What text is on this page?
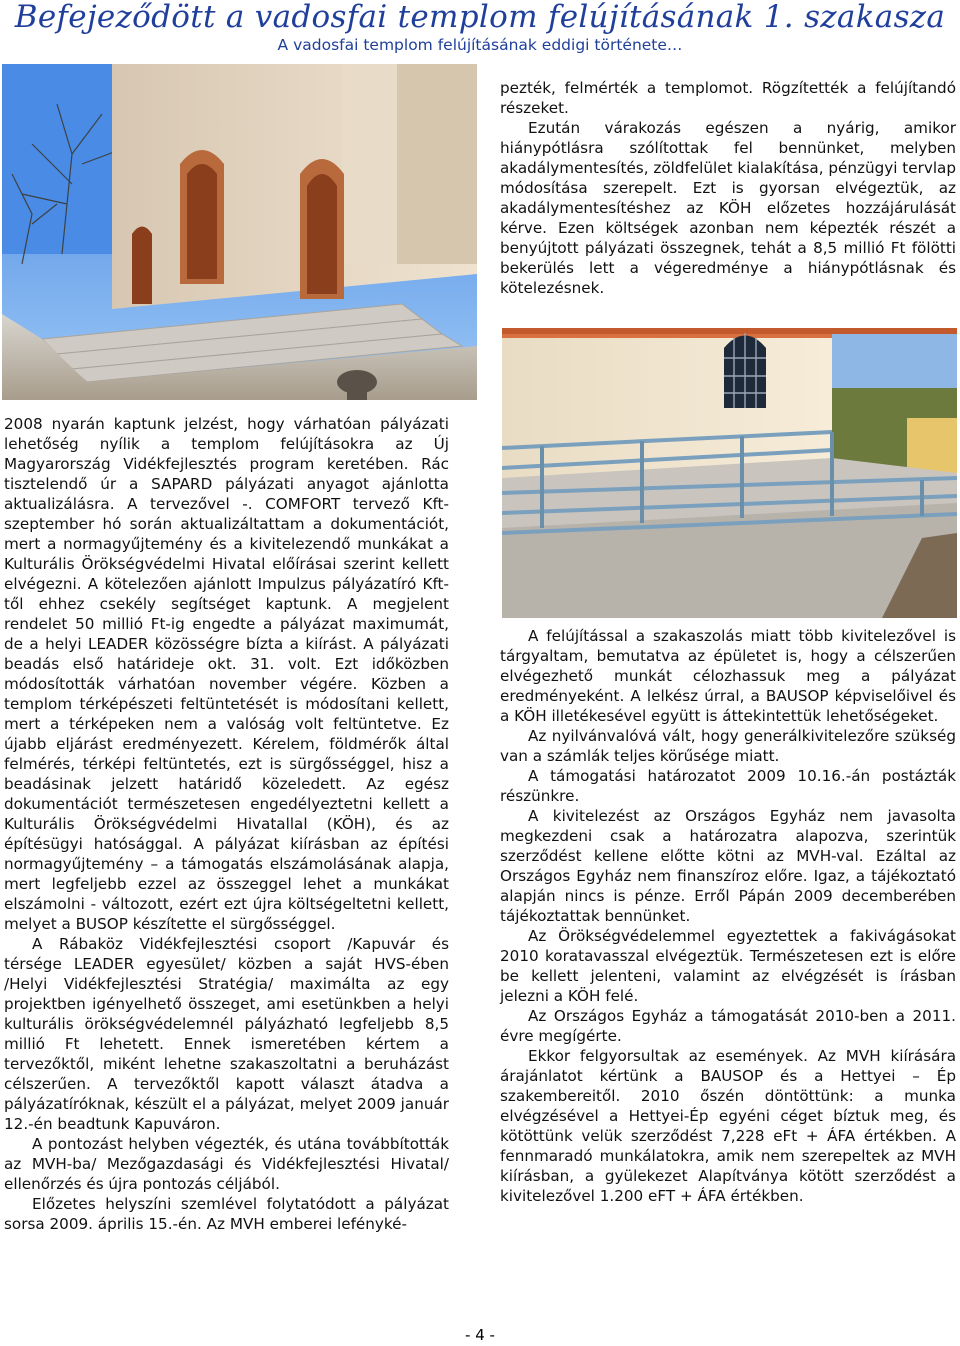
Befejeződött a vadosfai templom felújításának 1. szakasza
A vadosfai templom felújításának eddigi története…

pezték, felmérték a templomot. Rögzítették a felújítandó részeket.

Ezután várakozás egészen a nyárig, amikor hiánypótlásra szólítottak fel bennünket, melyben akadálymentesítés, zöldfelület kialakítása, pénzügyi tervlap módosítása szerepelt. Ezt is gyorsan elvégeztük, az akadálymentesítéshez az KÖH előzetes hozzájárulását kérve. Ezen költségek azonban nem képezték részét a benyújtott pályázati összegnek, tehát a 8,5 millió Ft fölötti bekerülés lett a végeredménye a hiánypótlásnak és kötelezésnek.

2008 nyarán kaptunk jelzést, hogy várhatóan pályázati lehetőség nyílik a templom felújításokra az Új Magyarország Vidékfejlesztés program keretében. Rác tisztelendő úr a SAPARD pályázati anyagot ajánlotta aktualizálásra. A tervezővel -. COMFORT tervező Kft- szeptember hó során aktualizáltattam a dokumentációt, mert a normagyűjtemény és a kivitelezendő munkákat a Kulturális Örökségvédelmi Hivatal előírásai szerint kellett elvégezni. A kötelezően ajánlott Impulzus pályázatíró Kft-től ehhez csekély segítséget kaptunk. A megjelent rendelet 50 millió Ft-ig engedte a pályázat maximumát, de a helyi LEADER közösségre bízta a kiírást. A pályázati beadás első határideje okt. 31. volt. Ezt időközben módosították várhatóan november végére. Közben a templom térképészeti feltüntetését is módosítani kellett, mert a térképeken nem a valóság volt feltüntetve. Ez újabb eljárást eredményezett. Kérelem, földmérők által felmérés, térképi feltüntetés, ezt is sürgősséggel, hisz a beadásinak jelzett határidő közeledett. Az egész dokumentációt természetesen engedélyeztetni kellett a Kulturális Örökségvédelmi Hivatallal (KÖH), és az építésügyi hatósággal. A pályázat kiírásban az építési normagyűjtemény – a támogatás elszámolásának alapja, mert legfeljebb ezzel az összeggel lehet a munkákat elszámolni - változott, ezért ezt újra költségeltetni kellett, melyet a BUSOP készítette el sürgősséggel.

A Rábaköz Vidékfejlesztési csoport /Kapuvár és térsége LEADER egyesület/ közben a saját HVS-ében /Helyi Vidékfejlesztési Stratégia/ maximálta az egy projektben igényelhető összeget, ami esetünkben a helyi kulturális örökségvédelemnél pályázható legfeljebb 8,5 millió Ft lehetett. Ennek ismeretében kértem a tervezőktől, miként lehetne szakaszoltatni a beruházást célszerűen. A tervezőktől kapott választ átadva a pályázatíróknak, készült el a pályázat, melyet 2009 január 12.-én beadtunk Kapuváron.

A pontozást helyben végezték, és utána továbbították az MVH-ba/ Mezőgazdasági és Vidékfejlesztési Hivatal/ ellenőrzés és újra pontozás céljából.

Előzetes helyszíni szemlével folytatódott a pályázat sorsa 2009. április 15.-én. Az MVH emberei lefényké-

A felújítással a szakaszolás miatt több kivitelezővel is tárgyaltam, bemutatva az épületet is, hogy a célszerűen elvégezhető munkát célozhassuk meg a pályázat eredményeként. A lelkész úrral, a BAUSOP képviselőivel és a KÖH illetékesével együtt is áttekintettük lehetőségeket.

Az nyilvánvalóvá vált, hogy generálkivitelezőre szükség van a számlák teljes körűsége miatt.

A támogatási határozatot 2009 10.16.-án postázták részünkre.

A kivitelezést az Országos Egyház nem javasolta megkezdeni csak a határozatra alapozva, szerintük szerződést kellene előtte kötni az MVH-val. Ezáltal az Országos Egyház nem finanszíroz előre. Igaz, a tájékoztató alapján nincs is pénze. Erről Pápán 2009 decemberében tájékoztattak bennünket.

Az Örökségvédelemmel egyeztettek a fakivágásokat 2010 koratavasszal elvégeztük. Természetesen ezt is előre be kellett jelenteni, valamint az elvégzését is írásban jelezni a KÖH felé.

Az Országos Egyház a támogatását 2010-ben a 2011. évre megígérte.

Ekkor felgyorsultak az események. Az MVH kiírására árajánlatot kértünk a BAUSOP és a Hettyei – Ép szakembereitől. 2010 őszén döntöttünk: a munka elvégzésével a Hettyei-Ép egyéni céget bíztuk meg, és kötöttünk velük szerződést 7,228 eFt + ÁFA értékben. A fennmaradó munkálatokra, amik nem szerepeltek az MVH kiírásban, a gyülekezet Alapítványa kötött szerződést a kivitelezővel 1.200 eFT + ÁFA értékben.

- 4 -
